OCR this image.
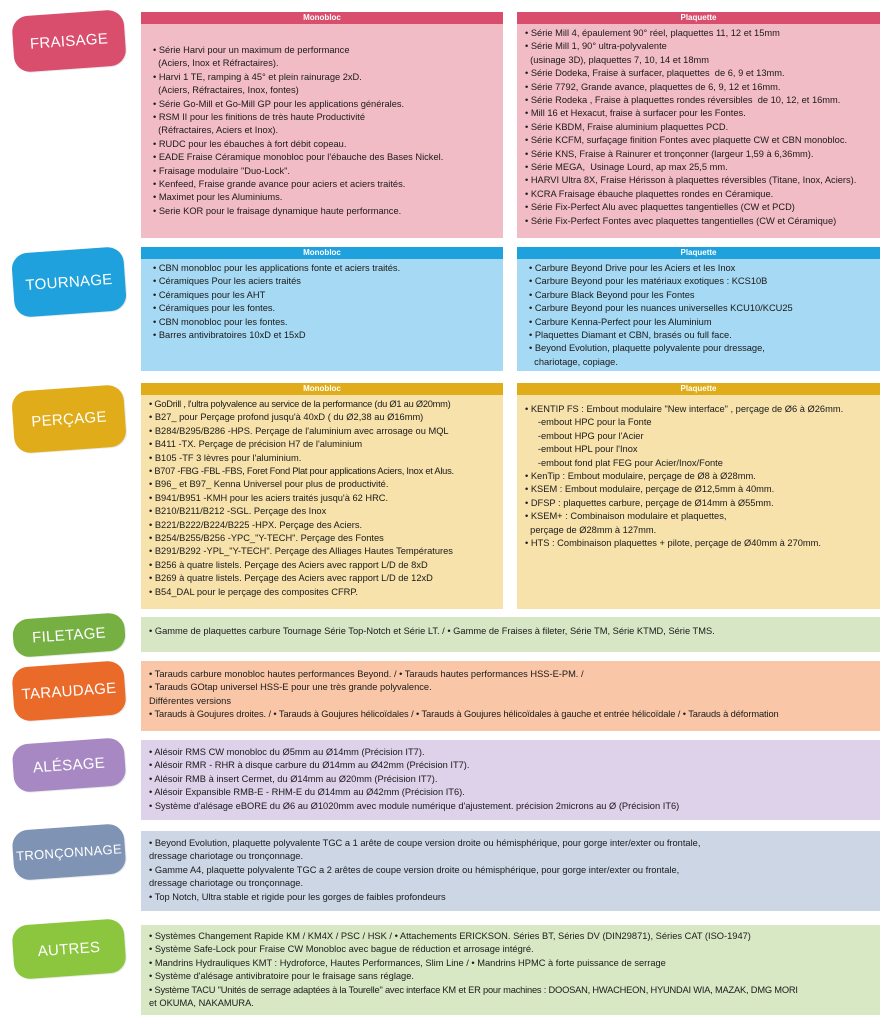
FRAISAGE
Monobloc
• Série Harvi pour un maximum de performance
(Aciers, Inox et Réfractaires).
• Harvi 1 TE, ramping à 45° et plein rainurage 2xD.
(Aciers, Réfractaires, Inox, fontes)
• Série Go-Mill et Go-Mill GP pour les applications générales.
• RSM II pour les finitions de très haute Productivité
(Réfractaires, Aciers et Inox).
• RUDC pour les ébauches à fort débit copeau.
• EADE Fraise Céramique monobloc pour l'ébauche des Bases Nickel.
• Fraisage modulaire "Duo-Lock".
• Kenfeed, Fraise grande avance pour aciers et aciers traités.
• Maximet pour les Aluminiums.
• Serie KOR pour le fraisage dynamique haute performance.
Plaquette
• Série Mill 4, épaulement 90° réel, plaquettes 11, 12 et 15mm
• Série Mill 1, 90° ultra-polyvalente
(usinage 3D), plaquettes 7, 10, 14 et 18mm
• Série Dodeka, Fraise à surfacer, plaquettes  de 6, 9 et 13mm.
• Série 7792, Grande avance, plaquettes de 6, 9, 12 et 16mm.
• Série Rodeka , Fraise à plaquettes rondes réversibles  de 10, 12, et 16mm.
• Mill 16 et Hexacut, fraise à surfacer pour les Fontes.
• Série KBDM, Fraise aluminium plaquettes PCD.
• Série KCFM, surfaçage finition Fontes avec plaquette CW et CBN monobloc.
• Série KNS, Fraise à Rainurer et tronçonner (largeur 1,59 à 6,36mm).
• Série MEGA,  Usinage Lourd, ap max 25,5 mm.
• HARVI Ultra 8X, Fraise Hérisson à plaquettes réversibles (Titane, Inox, Aciers).
• KCRA Fraisage ébauche plaquettes rondes en Céramique.
• Série Fix-Perfect Alu avec plaquettes tangentielles (CW et PCD)
• Série Fix-Perfect Fontes avec plaquettes tangentielles (CW et Céramique)
TOURNAGE
Monobloc
• CBN monobloc pour les applications fonte et aciers traités.
• Céramiques Pour les aciers traités
• Céramiques pour les AHT
• Céramiques pour les fontes.
• CBN monobloc pour les fontes.
• Barres antivibratoires 10xD et 15xD
Plaquette
• Carbure Beyond Drive pour les Aciers et les Inox
• Carbure Beyond pour les matériaux exotiques : KCS10B
• Carbure Black Beyond pour les Fontes
• Carbure Beyond pour les nuances universelles KCU10/KCU25
• Carbure Kenna-Perfect pour les Aluminium
• Plaquettes Diamant et CBN, brasés ou full face.
• Beyond Evolution, plaquette polyvalente pour dressage,
chariotage, copiage.
PERÇAGE
Monobloc
• GoDrill , l'ultra polyvalence au service de la performance (du Ø1 au Ø20mm)
• B27_ pour Perçage profond jusqu'à 40xD ( du Ø2,38 au Ø16mm)
• B284/B295/B286 -HPS. Perçage de l'aluminium avec arrosage ou MQL
• B411 -TX. Perçage de précision H7 de l'aluminium
• B105 -TF 3 lèvres pour l'aluminium.
• B707 -FBG -FBL -FBS, Foret Fond Plat pour applications Aciers, Inox et Alus.
• B96_ et B97_ Kenna Universel pour plus de productivité.
• B941/B951 -KMH pour les aciers traités jusqu'à 62 HRC.
• B210/B211/B212 -SGL. Perçage des Inox
• B221/B222/B224/B225 -HPX. Perçage des Aciers.
• B254/B255/B256 -YPC_"Y-TECH". Perçage des Fontes
• B291/B292 -YPL_"Y-TECH". Perçage des Alliages Hautes Températures
• B256 à quatre listels. Perçage des Aciers avec rapport L/D de 8xD
• B269 à quatre listels. Perçage des Aciers avec rapport L/D de 12xD
• B54_DAL pour le perçage des composites CFRP.
Plaquette
• KENTIP FS : Embout modulaire "New interface" , perçage de Ø6 à Ø26mm.
-embout HPC pour la Fonte
-embout HPG pour l'Acier
-embout HPL pour l'Inox
-embout fond plat FEG pour Acier/Inox/Fonte
• KenTip : Embout modulaire, perçage de Ø8 à Ø28mm.
• KSEM : Embout modulaire, perçage de Ø12,5mm à 40mm.
• DFSP : plaquettes carbure, perçage de Ø14mm à Ø55mm.
• KSEM+ : Combinaison modulaire et plaquettes,
perçage de Ø28mm à 127mm.
• HTS : Combinaison plaquettes + pilote, perçage de Ø40mm à 270mm.
FILETAGE	• Gamme de plaquettes carbure Tournage Série Top-Notch et Série LT. / • Gamme de Fraises à fileter, Série TM, Série KTMD, Série TMS.
TARAUDAGE
• Tarauds carbure monobloc hautes performances Beyond. / • Tarauds hautes performances HSS-E-PM. /
• Tarauds GOtap universel HSS-E pour une très grande polyvalence.
Différentes versions
• Tarauds à Goujures droites. / • Tarauds à Goujures hélicoïdales / • Tarauds à Goujures hélicoïdales à gauche et entrée hélicoïdale / • Tarauds à déformation
ALÉSAGE
• Alésoir RMS CW monobloc du Ø5mm au Ø14mm (Précision IT7).
• Alésoir RMR - RHR à disque carbure du Ø14mm au Ø42mm (Précision IT7).
• Alésoir RMB à insert Cermet, du Ø14mm au Ø20mm (Précision IT7).
• Alésoir Expansible RMB-E - RHM-E du Ø14mm au Ø42mm (Précision IT6).
• Système d'alésage eBORE du Ø6 au Ø1020mm avec module numérique d'ajustement. précision 2microns au Ø (Précision IT6)
TRONÇONNAGE	• Beyond Evolution, plaquette polyvalente TGC a 1 arête de coupe version droite ou hémisphérique, pour gorge inter/exter ou frontale,
dressage chariotage ou tronçonnage.
• Gamme A4, plaquette polyvalente TGC a 2 arêtes de coupe version droite ou hémisphérique, pour gorge inter/exter ou frontale,
dressage chariotage ou tronçonnage.
• Top Notch, Ultra stable et rigide pour les gorges de faibles profondeurs
AUTRES
• Systèmes Changement Rapide KM / KM4X / PSC / HSK / • Attachements ERICKSON. Séries BT, Séries DV (DIN29871), Séries CAT (ISO-1947)
• Système Safe-Lock pour Fraise CW Monobloc avec bague de réduction et arrosage intégré.
• Mandrins Hydrauliques KMT : Hydroforce, Hautes Performances, Slim Line / • Mandrins HPMC à forte puissance de serrage
• Système d'alésage antivibratoire pour le fraisage sans réglage.
• Système TACU "Unités de serrage adaptées à la Tourelle" avec interface KM et ER pour machines : DOOSAN, HWACHEON, HYUNDAI WIA, MAZAK, DMG MORI
et OKUMA, NAKAMURA.
